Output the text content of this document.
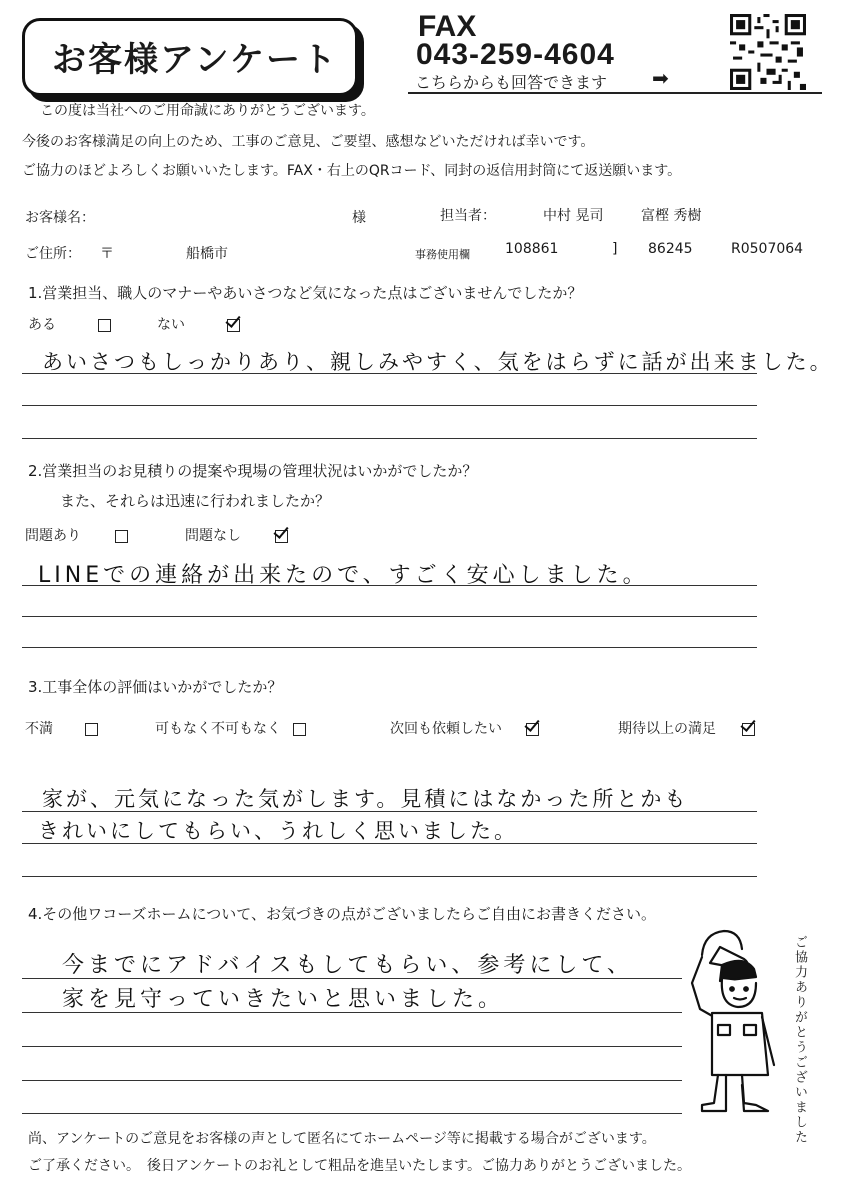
お客様アンケート
FAX
043-259-4604
こちらからも回答できます ➡
この度は当社へのご用命誠にありがとうございます。
今後のお客様満足の向上のため、工事のご意見、ご要望、感想などいただければ幸いです。
ご協力のほどよろしくお願いいたします。FAX・右上のQRコード、同封の返信用封筒にて返送願います。
お客様名：	様	担当者：	中村 晃司	富樫 秀樹
ご住所： 〒	船橋市	事務使用欄	108861	] 86245	R0507064
1.営業担当、職人のマナーやあいさつなど気になった点はございませんでしたか？
ある	ない
あいさつもしっかりあり、親しみやすく、気をはらずに話が出来ました。
2.営業担当のお見積りの提案や現場の管理状況はいかがでしたか？
また、それらは迅速に行われましたか？
問題あり	問題なし
LINEでの連絡が出来たので、すごく安心しました。
3.工事全体の評価はいかがでしたか？
不満	可もなく不可もなく	次回も依頼したい	期待以上の満足
家が、元気になった気がします。見積にはなかった所とかも
きれいにしてもらい、うれしく思いました。
4.その他ワコーズホームについて、お気づきの点がございましたらご自由にお書きください。
今までにアドバイスもしてもらい、参考にして、
家を見守っていきたいと思いました。	ご協力ありがとうございました
尚、アンケートのご意見をお客様の声として匿名にてホームページ等に掲載する場合がございます。
ご了承ください。　後日アンケートのお礼として粗品を進呈いたします。ご協力ありがとうございました。
